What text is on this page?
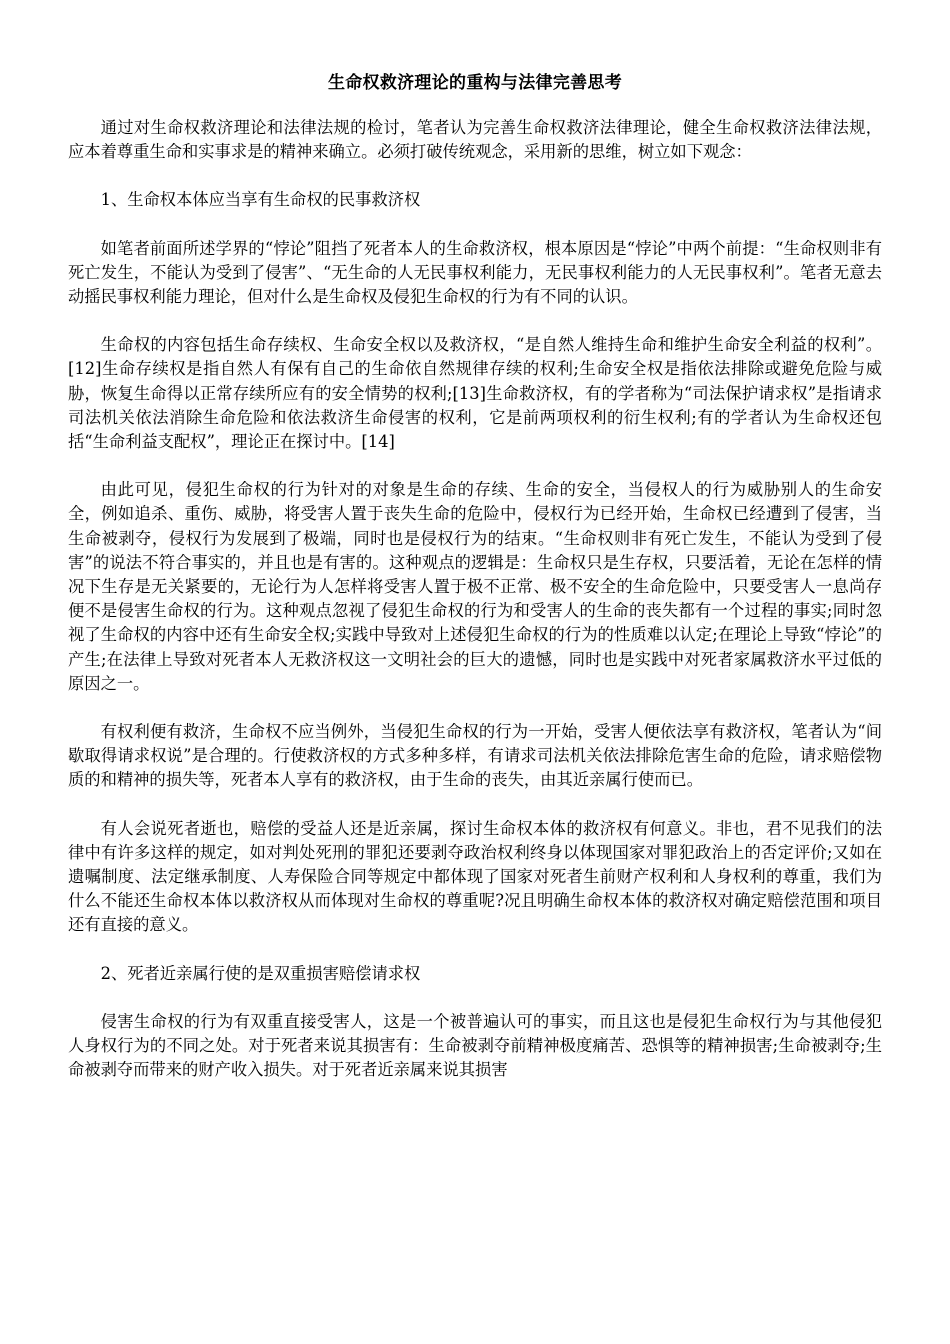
生命权救济理论的重构与法律完善思考

通过对生命权救济理论和法律法规的检讨，笔者认为完善生命权救济法律理论，健全生命权救济法律法规，应本着尊重生命和实事求是的精神来确立。必须打破传统观念，采用新的思维，树立如下观念：

1、生命权本体应当享有生命权的民事救济权

如笔者前面所述学界的“悖论”阻挡了死者本人的生命救济权，根本原因是“悖论”中两个前提：“生命权则非有死亡发生，不能认为受到了侵害”、“无生命的人无民事权利能力，无民事权利能力的人无民事权利”。笔者无意去动摇民事权利能力理论，但对什么是生命权及侵犯生命权的行为有不同的认识。

生命权的内容包括生命存续权、生命安全权以及救济权，“是自然人维持生命和维护生命安全利益的权利”。[12]生命存续权是指自然人有保有自己的生命依自然规律存续的权利;生命安全权是指依法排除或避免危险与威胁，恢复生命得以正常存续所应有的安全情势的权利;[13]生命救济权，有的学者称为“司法保护请求权”是指请求司法机关依法消除生命危险和依法救济生命侵害的权利，它是前两项权利的衍生权利;有的学者认为生命权还包括“生命利益支配权”，理论正在探讨中。[14]

由此可见，侵犯生命权的行为针对的对象是生命的存续、生命的安全，当侵权人的行为威胁别人的生命安全，例如追杀、重伤、威胁，将受害人置于丧失生命的危险中，侵权行为已经开始，生命权已经遭到了侵害，当生命被剥夺，侵权行为发展到了极端，同时也是侵权行为的结束。“生命权则非有死亡发生，不能认为受到了侵害”的说法不符合事实的，并且也是有害的。这种观点的逻辑是：生命权只是生存权，只要活着，无论在怎样的情况下生存是无关紧要的，无论行为人怎样将受害人置于极不正常、极不安全的生命危险中，只要受害人一息尚存便不是侵害生命权的行为。这种观点忽视了侵犯生命权的行为和受害人的生命的丧失都有一个过程的事实;同时忽视了生命权的内容中还有生命安全权;实践中导致对上述侵犯生命权的行为的性质难以认定;在理论上导致“悖论”的产生;在法律上导致对死者本人无救济权这一文明社会的巨大的遗憾，同时也是实践中对死者家属救济水平过低的原因之一。

有权利便有救济，生命权不应当例外，当侵犯生命权的行为一开始，受害人便依法享有救济权，笔者认为“间歇取得请求权说”是合理的。行使救济权的方式多种多样，有请求司法机关依法排除危害生命的危险，请求赔偿物质的和精神的损失等，死者本人享有的救济权，由于生命的丧失，由其近亲属行使而已。

有人会说死者逝也，赔偿的受益人还是近亲属，探讨生命权本体的救济权有何意义。非也，君不见我们的法律中有许多这样的规定，如对判处死刑的罪犯还要剥夺政治权利终身以体现国家对罪犯政治上的否定评价;又如在遗嘱制度、法定继承制度、人寿保险合同等规定中都体现了国家对死者生前财产权利和人身权利的尊重，我们为什么不能还生命权本体以救济权从而体现对生命权的尊重呢?况且明确生命权本体的救济权对确定赔偿范围和项目还有直接的意义。

2、死者近亲属行使的是双重损害赔偿请求权

侵害生命权的行为有双重直接受害人，这是一个被普遍认可的事实，而且这也是侵犯生命权行为与其他侵犯人身权行为的不同之处。对于死者来说其损害有：生命被剥夺前精神极度痛苦、恐惧等的精神损害;生命被剥夺;生命被剥夺而带来的财产收入损失。对于死者近亲属来说其损害
